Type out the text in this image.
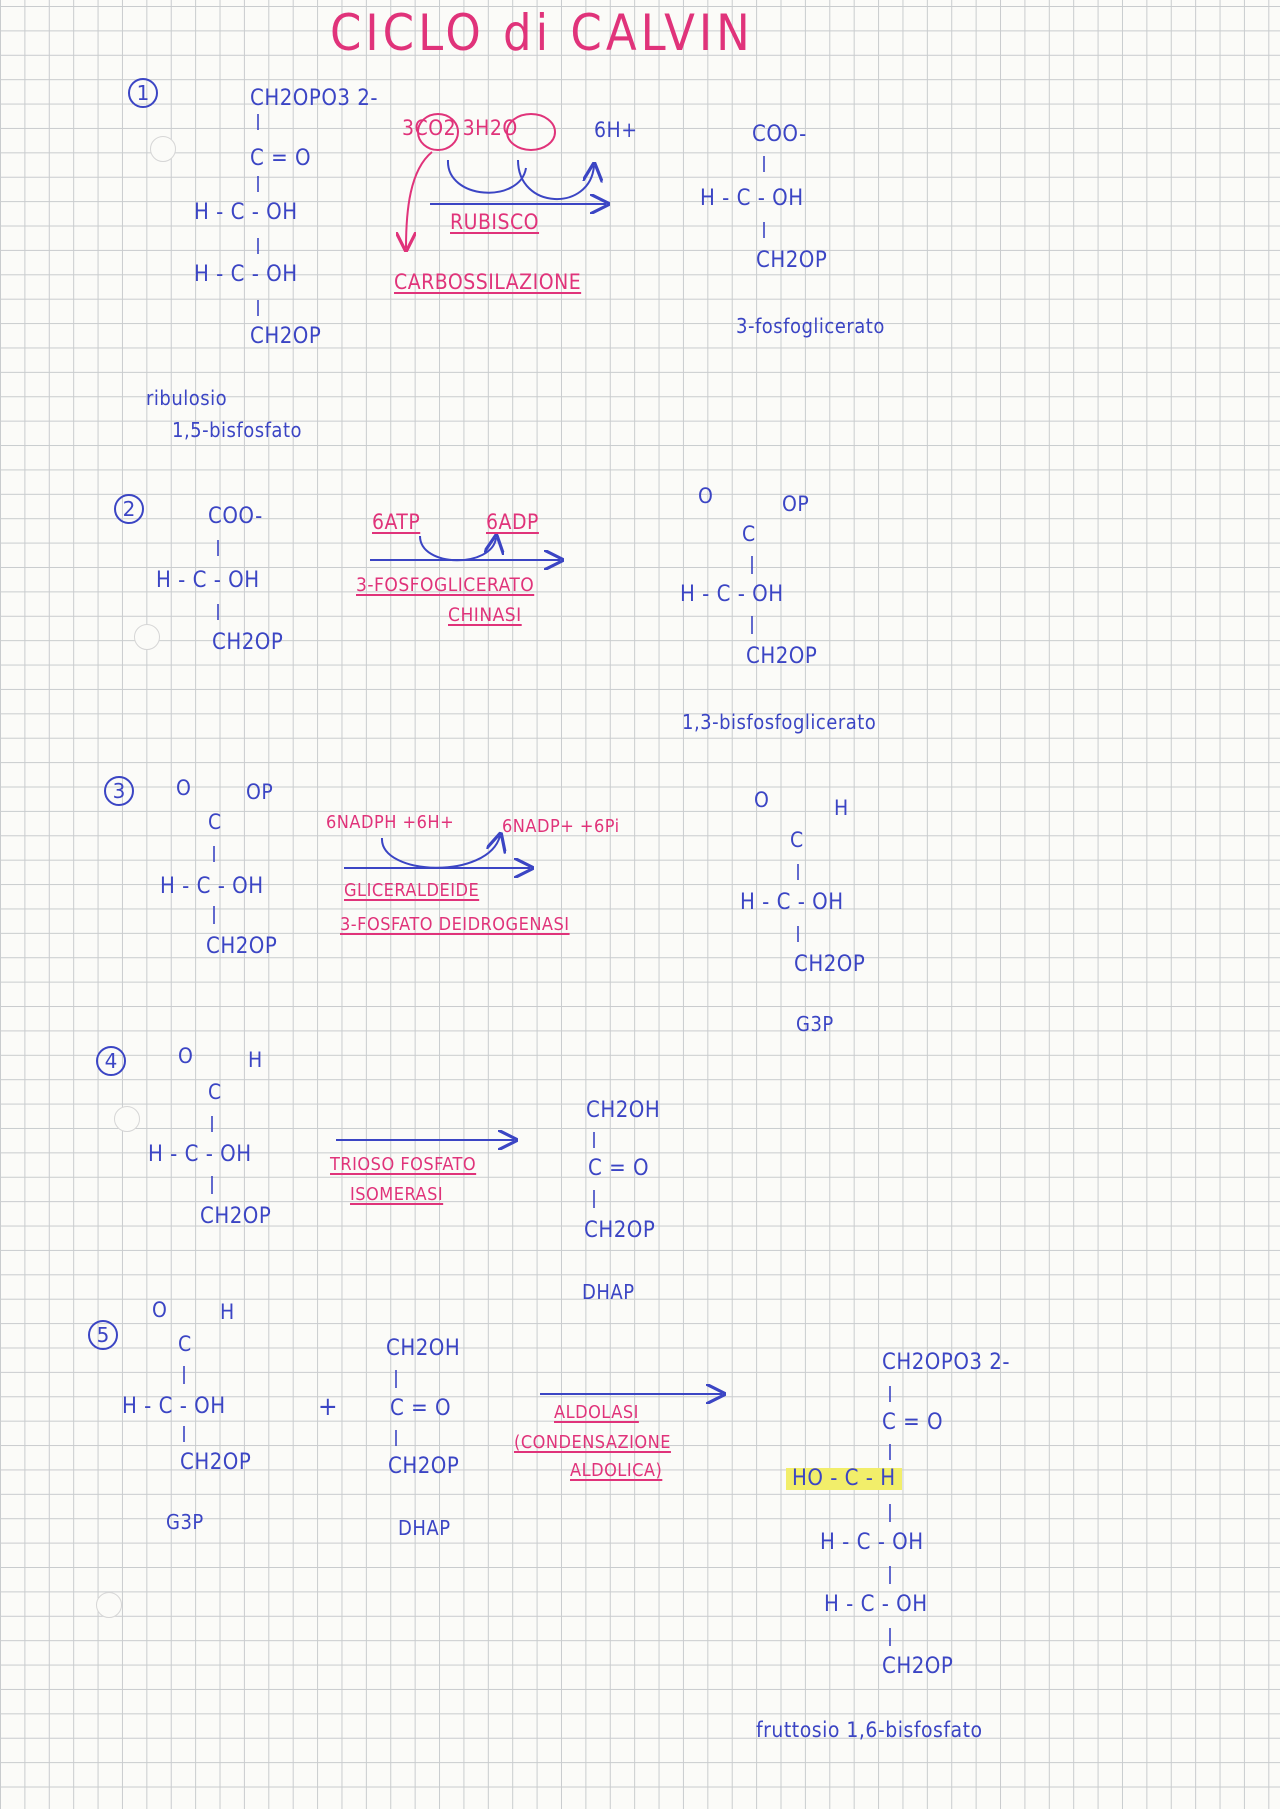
CICLO di CALVIN
1	CH2OPO3 2-
C = O
H - C - OH
H - C - OH
CH2OP
ribulosio
1,5-bisfosfato
3CO2 3H2O	6H+
RUBISCO
CARBOSSILAZIONE
COO-
H - C - OH
CH2OP
3-fosfoglicerato
2	COO-
H - C - OH
CH2OP
6ATP	6ADP
3-FOSFOGLICERATO
CHINASI
O	OP
C
H - C - OH
CH2OP
1,3-bisfosfoglicerato
3	O	OP
C
H - C - OH
CH2OP
6NADPH +6H+	6NADP+ +6Pi
GLICERALDEIDE
3-FOSFATO DEIDROGENASI
O	H
C
H - C - OH
CH2OP
G3P
4	O	H
C
H - C - OH
CH2OP
TRIOSO FOSFATO
ISOMERASI
CH2OH
C = O
CH2OP
DHAP
5
O	H
C
H - C - OH
CH2OP
G3P
+
CH2OH
C = O
CH2OP
DHAP
ALDOLASI
(CONDENSAZIONE
ALDOLICA)
CH2OPO3 2-
C = O
HO - C - H
H - C - OH
H - C - OH
CH2OP
fruttosio 1,6-bisfosfato
